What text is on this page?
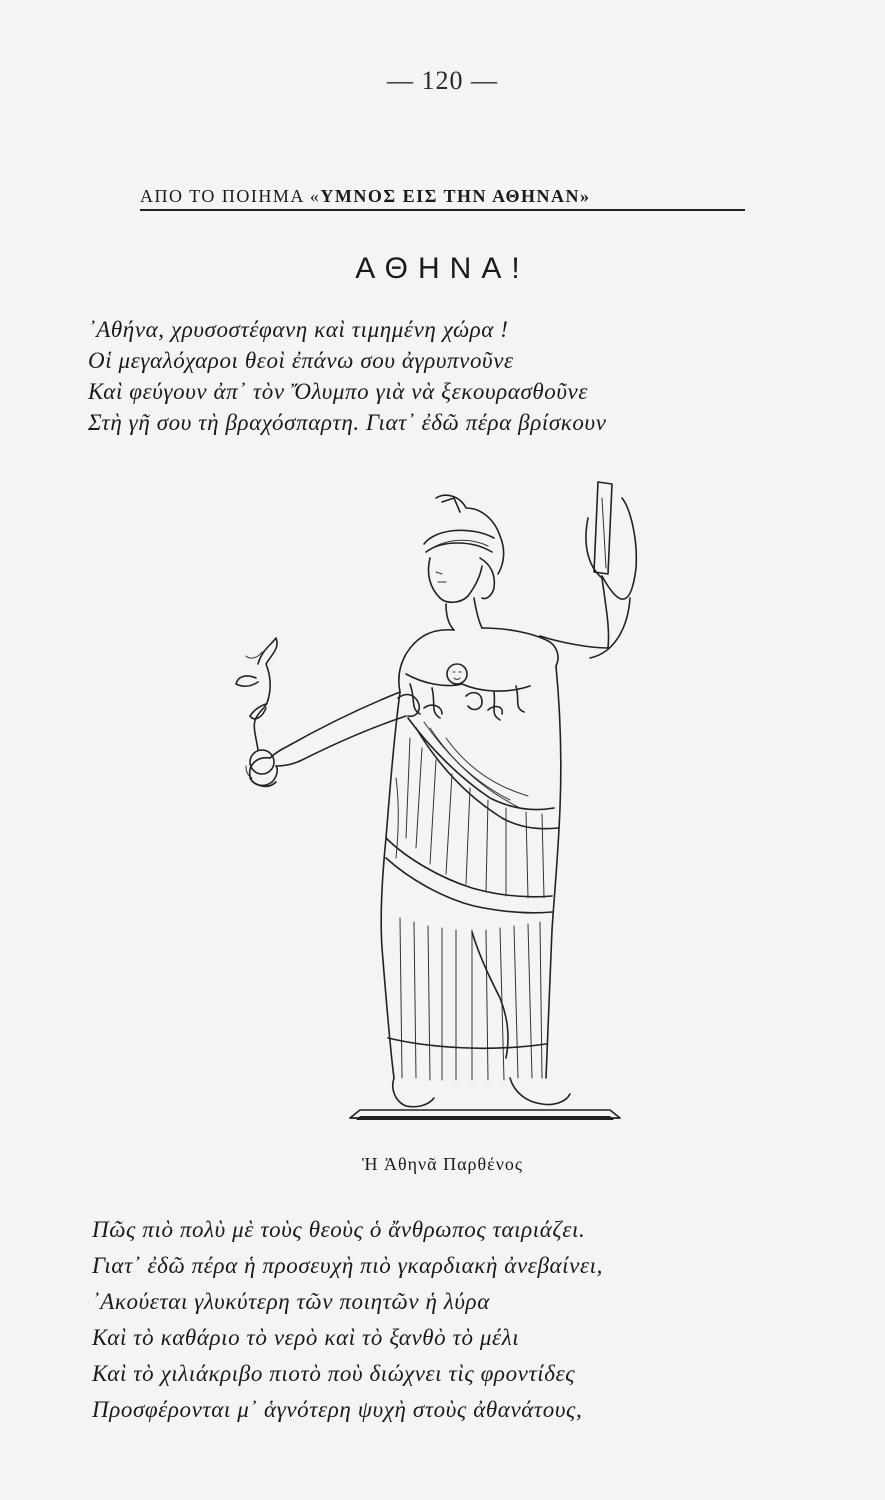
— 120 —
ΑΠΟ ΤΟ ΠΟΙΗΜΑ «ΥΜΝΟΣ ΕΙΣ ΤΗΝ ΑΘΗΝΑΝ»
ΑΘΗΝΑ!
᾿Αθήνα, χρυσοστέφανη καὶ τιμημένη χώρα !
Οἱ μεγαλόχαροι θεοὶ ἐπάνω σου ἀγρυπνοῦνε
Καὶ φεύγουν ἀπ᾿ τὸν Ὄλυμπο γιὰ νὰ ξεκουρασθοῦνε
Στὴ γῆ σου τὴ βραχόσπαρτη. Γιατ᾿ ἐδῶ πέρα βρίσκουν
Ἡ Ἀθηνᾶ Παρθένος
Πῶς πιὸ πολὺ μὲ τοὺς θεοὺς ὁ ἄνθρωπος ταιριάζει.
Γιατ᾿ ἐδῶ πέρα ἡ προσευχὴ πιὸ γκαρδιακὴ ἀνεβαίνει,
᾿Ακούεται γλυκύτερη τῶν ποιητῶν ἡ λύρα
Καὶ τὸ καθάριο τὸ νερὸ καὶ τὸ ξανθὸ τὸ μέλι
Καὶ τὸ χιλιάκριβο πιοτὸ ποὺ διώχνει τὶς φροντίδες
Προσφέρονται μ᾿ ἁγνότερη ψυχὴ στοὺς ἀθανάτους,
